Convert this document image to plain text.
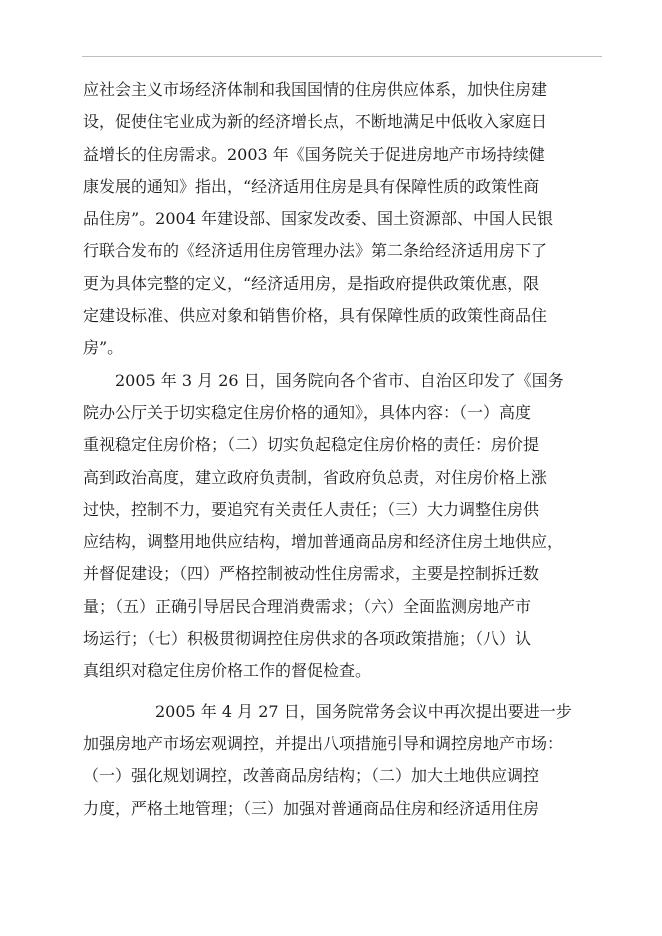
应社会主义市场经济体制和我国国情的住房供应体系，加快住房建
设，促使住宅业成为新的经济增长点，不断地满足中低收入家庭日
益增长的住房需求。2003 年《国务院关于促进房地产市场持续健
康发展的通知》指出，“经济适用住房是具有保障性质的政策性商
品住房”。2004 年建设部、国家发改委、国土资源部、中国人民银
行联合发布的《经济适用住房管理办法》第二条给经济适用房下了
更为具体完整的定义，“经济适用房，是指政府提供政策优惠，限
定建设标准、供应对象和销售价格，具有保障性质的政策性商品住
房”。
2005 年 3 月 26 日，国务院向各个省市、自治区印发了《国务
院办公厅关于切实稳定住房价格的通知》，具体内容：（一）高度
重视稳定住房价格；（二）切实负起稳定住房价格的责任：房价提
高到政治高度，建立政府负责制，省政府负总责，对住房价格上涨
过快，控制不力，要追究有关责任人责任；（三）大力调整住房供
应结构，调整用地供应结构，增加普通商品房和经济住房土地供应，
并督促建设；（四）严格控制被动性住房需求，主要是控制拆迁数
量；（五）正确引导居民合理消费需求；（六）全面监测房地产市
场运行；（七）积极贯彻调控住房供求的各项政策措施；（八）认
真组织对稳定住房价格工作的督促检查。
2005 年 4 月 27 日，国务院常务会议中再次提出要进一步
加强房地产市场宏观调控，并提出八项措施引导和调控房地产市场：
（一）强化规划调控，改善商品房结构；（二）加大土地供应调控
力度，严格土地管理；（三）加强对普通商品住房和经济适用住房
